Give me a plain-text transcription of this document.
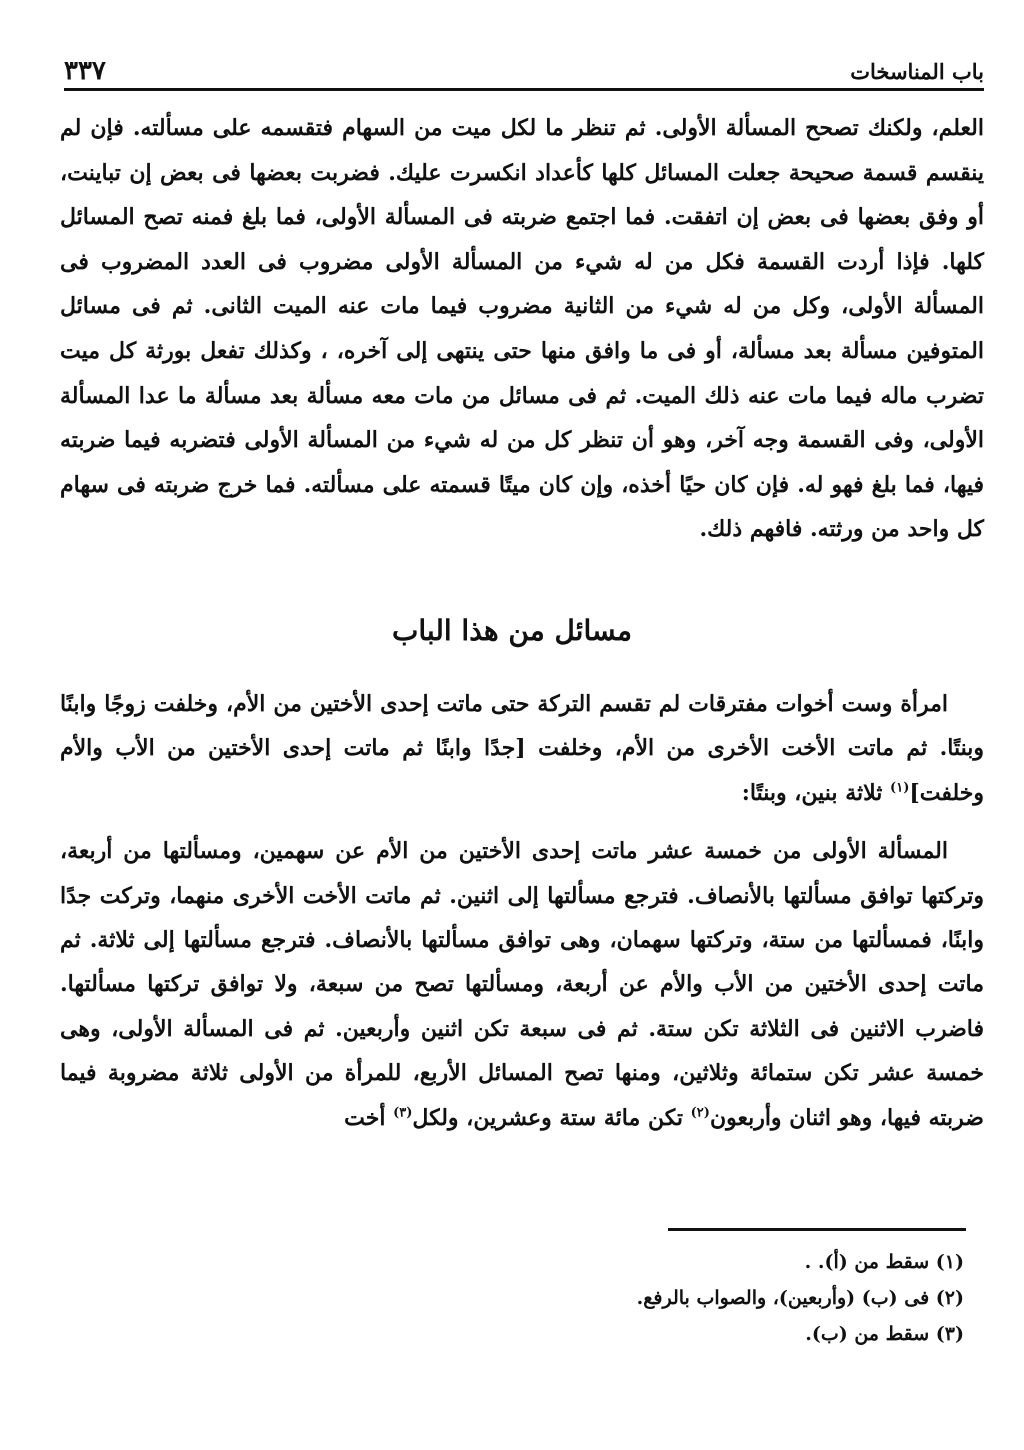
باب المناسخات
٣٣٧

العلم، ولكنك تصحح المسألة الأولى. ثم تنظر ما لكل ميت من السهام فتقسمه على مسألته. فإن لم ينقسم قسمة صحيحة جعلت المسائل كلها كأعداد انكسرت عليك. فضربت بعضها فى بعض إن تباينت، أو وفق بعضها فى بعض إن اتفقت. فما اجتمع ضربته فى المسألة الأولى، فما بلغ فمنه تصح المسائل كلها. فإذا أردت القسمة فكل من له شيء من المسألة الأولى مضروب فى العدد المضروب فى المسألة الأولى، وكل من له شيء من الثانية مضروب فيما مات عنه الميت الثانى. ثم فى مسائل المتوفين مسألة بعد مسألة، أو فى ما وافق منها حتى ينتهى إلى آخره، ، وكذلك تفعل بورثة كل ميت تضرب ماله فيما مات عنه ذلك الميت. ثم فى مسائل من مات معه مسألة بعد مسألة ما عدا المسألة الأولى، وفى القسمة وجه آخر، وهو أن تنظر كل من له شيء من المسألة الأولى فتضربه فيما ضربته فيها، فما بلغ فهو له. فإن كان حيًا أخذه، وإن كان ميتًا قسمته على مسألته. فما خرج ضربته فى سهام كل واحد من ورثته. فافهم ذلك.

مسائل من هذا الباب

امرأة وست أخوات مفترقات لم تقسم التركة حتى ماتت إحدى الأختين من الأم، وخلفت زوجًا وابنًا وبنتًا. ثم ماتت الأخت الأخرى من الأم، وخلفت [جدًا وابنًا ثم ماتت إحدى الأختين من الأب والأم وخلفت]$^{(١)}$ ثلاثة بنين، وبنتًا:

المسألة الأولى من خمسة عشر ماتت إحدى الأختين من الأم عن سهمين، ومسألتها من أربعة، وتركتها توافق مسألتها بالأنصاف. فترجع مسألتها إلى اثنين. ثم ماتت الأخت الأخرى منهما، وتركت جدًا وابنًا، فمسألتها من ستة، وتركتها سهمان، وهى توافق مسألتها بالأنصاف. فترجع مسألتها إلى ثلاثة. ثم ماتت إحدى الأختين من الأب والأم عن أربعة، ومسألتها تصح من سبعة، ولا توافق تركتها مسألتها. فاضرب الاثنين فى الثلاثة تكن ستة. ثم فى سبعة تكن اثنين وأربعين. ثم فى المسألة الأولى، وهى خمسة عشر تكن ستمائة وثلاثين، ومنها تصح المسائل الأربع، للمرأة من الأولى ثلاثة مضروبة فيما ضربته فيها، وهو اثنان وأربعون$^{(٢)}$ تكن مائة ستة وعشرين، ولكل$^{(٣)}$ أخت

(١) سقط من (أ). .
(٢) فى (ب) (وأربعين)، والصواب بالرفع.
(٣) سقط من (ب).
